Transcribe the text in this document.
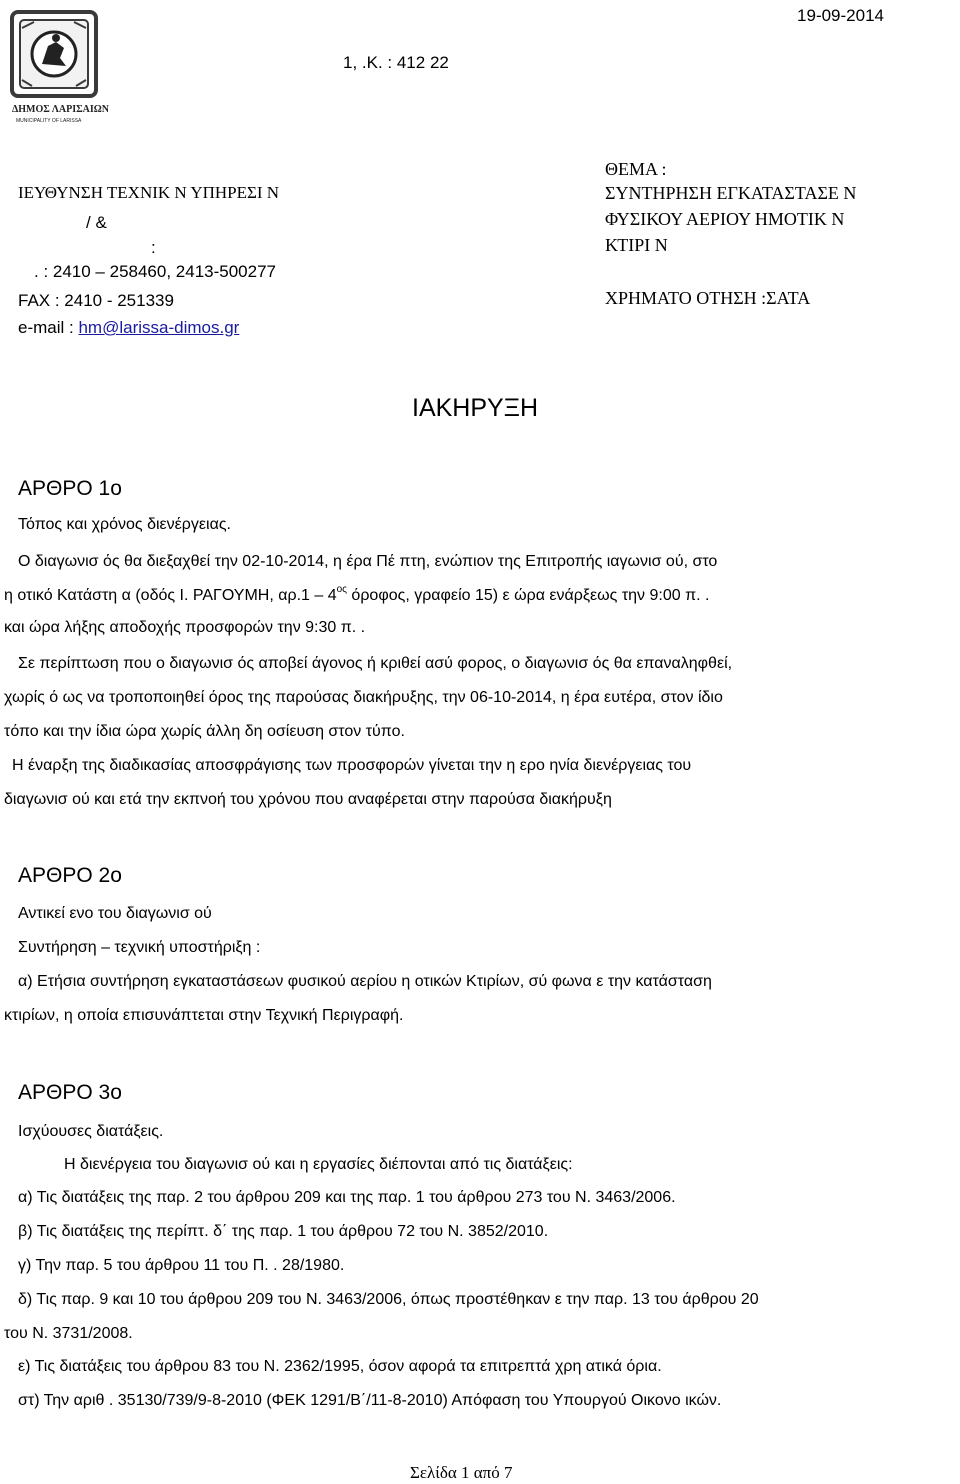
19-09-2014
1, .Κ. : 412 22
ΔΗΜΟΣ ΛΑΡΙΣΑΙΩΝ
MUNICIPALITY OF LARISSA
ΙΕΥΘΥΝΣΗ ΤΕΧΝΙΚ Ν ΥΠΗΡΕΣΙ Ν
/ &
:
. : 2410 – 258460, 2413-500277
FAX : 2410 - 251339
e-mail : hm@larissa-dimos.gr
ΘΕΜΑ :
ΣΥΝΤΗΡΗΣΗ ΕΓΚΑΤΑΣΤΑΣΕ Ν
ΦΥΣΙΚΟΥ ΑΕΡΙΟΥ ΗΜΟΤΙΚ Ν
ΚΤΙΡΙ Ν
ΧΡΗΜΑΤΟ ΟΤΗΣΗ :ΣΑΤΑ
ΙΑΚΗΡΥΞΗ
ΑΡΘΡΟ 1ο
Τόπος και χρόνος διενέργειας.
Ο διαγωνισ ός θα διεξαχθεί την 02-10-2014, η έρα Πέ πτη, ενώπιον της Επιτροπής ιαγωνισ ού, στο
η οτικό Κατάστη α (οδός Ι. ΡΑΓΟΥΜΗ, $\alpha\rho.1 - 4^{o\varsigma}$ όροφος, γραφείο 15) ε ώρα ενάρξεως την 9:00 π. .
και ώρα λήξης αποδοχής προσφορών την 9:30 π. .
Σε περίπτωση που ο διαγωνισ ός αποβεί άγονος ή κριθεί ασύ φορος, ο διαγωνισ ός θα επαναληφθεί,
χωρίς ό ως να τροποποιηθεί όρος της παρούσας διακήρυξης, την 06-10-2014, η έρα ευτέρα, στον ίδιο
τόπο και την ίδια ώρα χωρίς άλλη δη οσίευση στον τύπο.
Η έναρξη της διαδικασίας αποσφράγισης των προσφορών γίνεται την η ερο ηνία διενέργειας του
διαγωνισ ού και ετά την εκπνοή του χρόνου που αναφέρεται στην παρούσα διακήρυξη
ΑΡΘΡΟ 2ο
Αντικεί ενο του διαγωνισ ού
Συντήρηση – τεχνική υποστήριξη :
α) Ετήσια συντήρηση εγκαταστάσεων φυσικού αερίου η οτικών Κτιρίων, σύ φωνα ε την κατάσταση
κτιρίων, η οποία επισυνάπτεται στην Τεχνική Περιγραφή.
ΑΡΘΡΟ 3ο
Ισχύουσες διατάξεις.
Η διενέργεια του διαγωνισ ού και η εργασίες διέπονται από τις διατάξεις:
α) Τις διατάξεις της παρ. 2 του άρθρου 209 και της παρ. 1 του άρθρου 273 του Ν. 3463/2006.
β) Τις διατάξεις της περίπτ. δ΄ της παρ. 1 του άρθρου 72 του Ν. 3852/2010.
γ) Την παρ. 5 του άρθρου 11 του Π. . 28/1980.
δ) Τις παρ. 9 και 10 του άρθρου 209 του Ν. 3463/2006, όπως προστέθηκαν ε την παρ. 13 του άρθρου 20
του Ν. 3731/2008.
ε) Τις διατάξεις του άρθρου 83 του Ν. 2362/1995, όσον αφορά τα επιτρεπτά χρη ατικά όρια.
στ) Την αριθ . 35130/739/9-8-2010 (ΦΕΚ 1291/Β΄/11-8-2010) Απόφαση του Υπουργού Οικονο ικών.
Σελίδα 1 από 7
